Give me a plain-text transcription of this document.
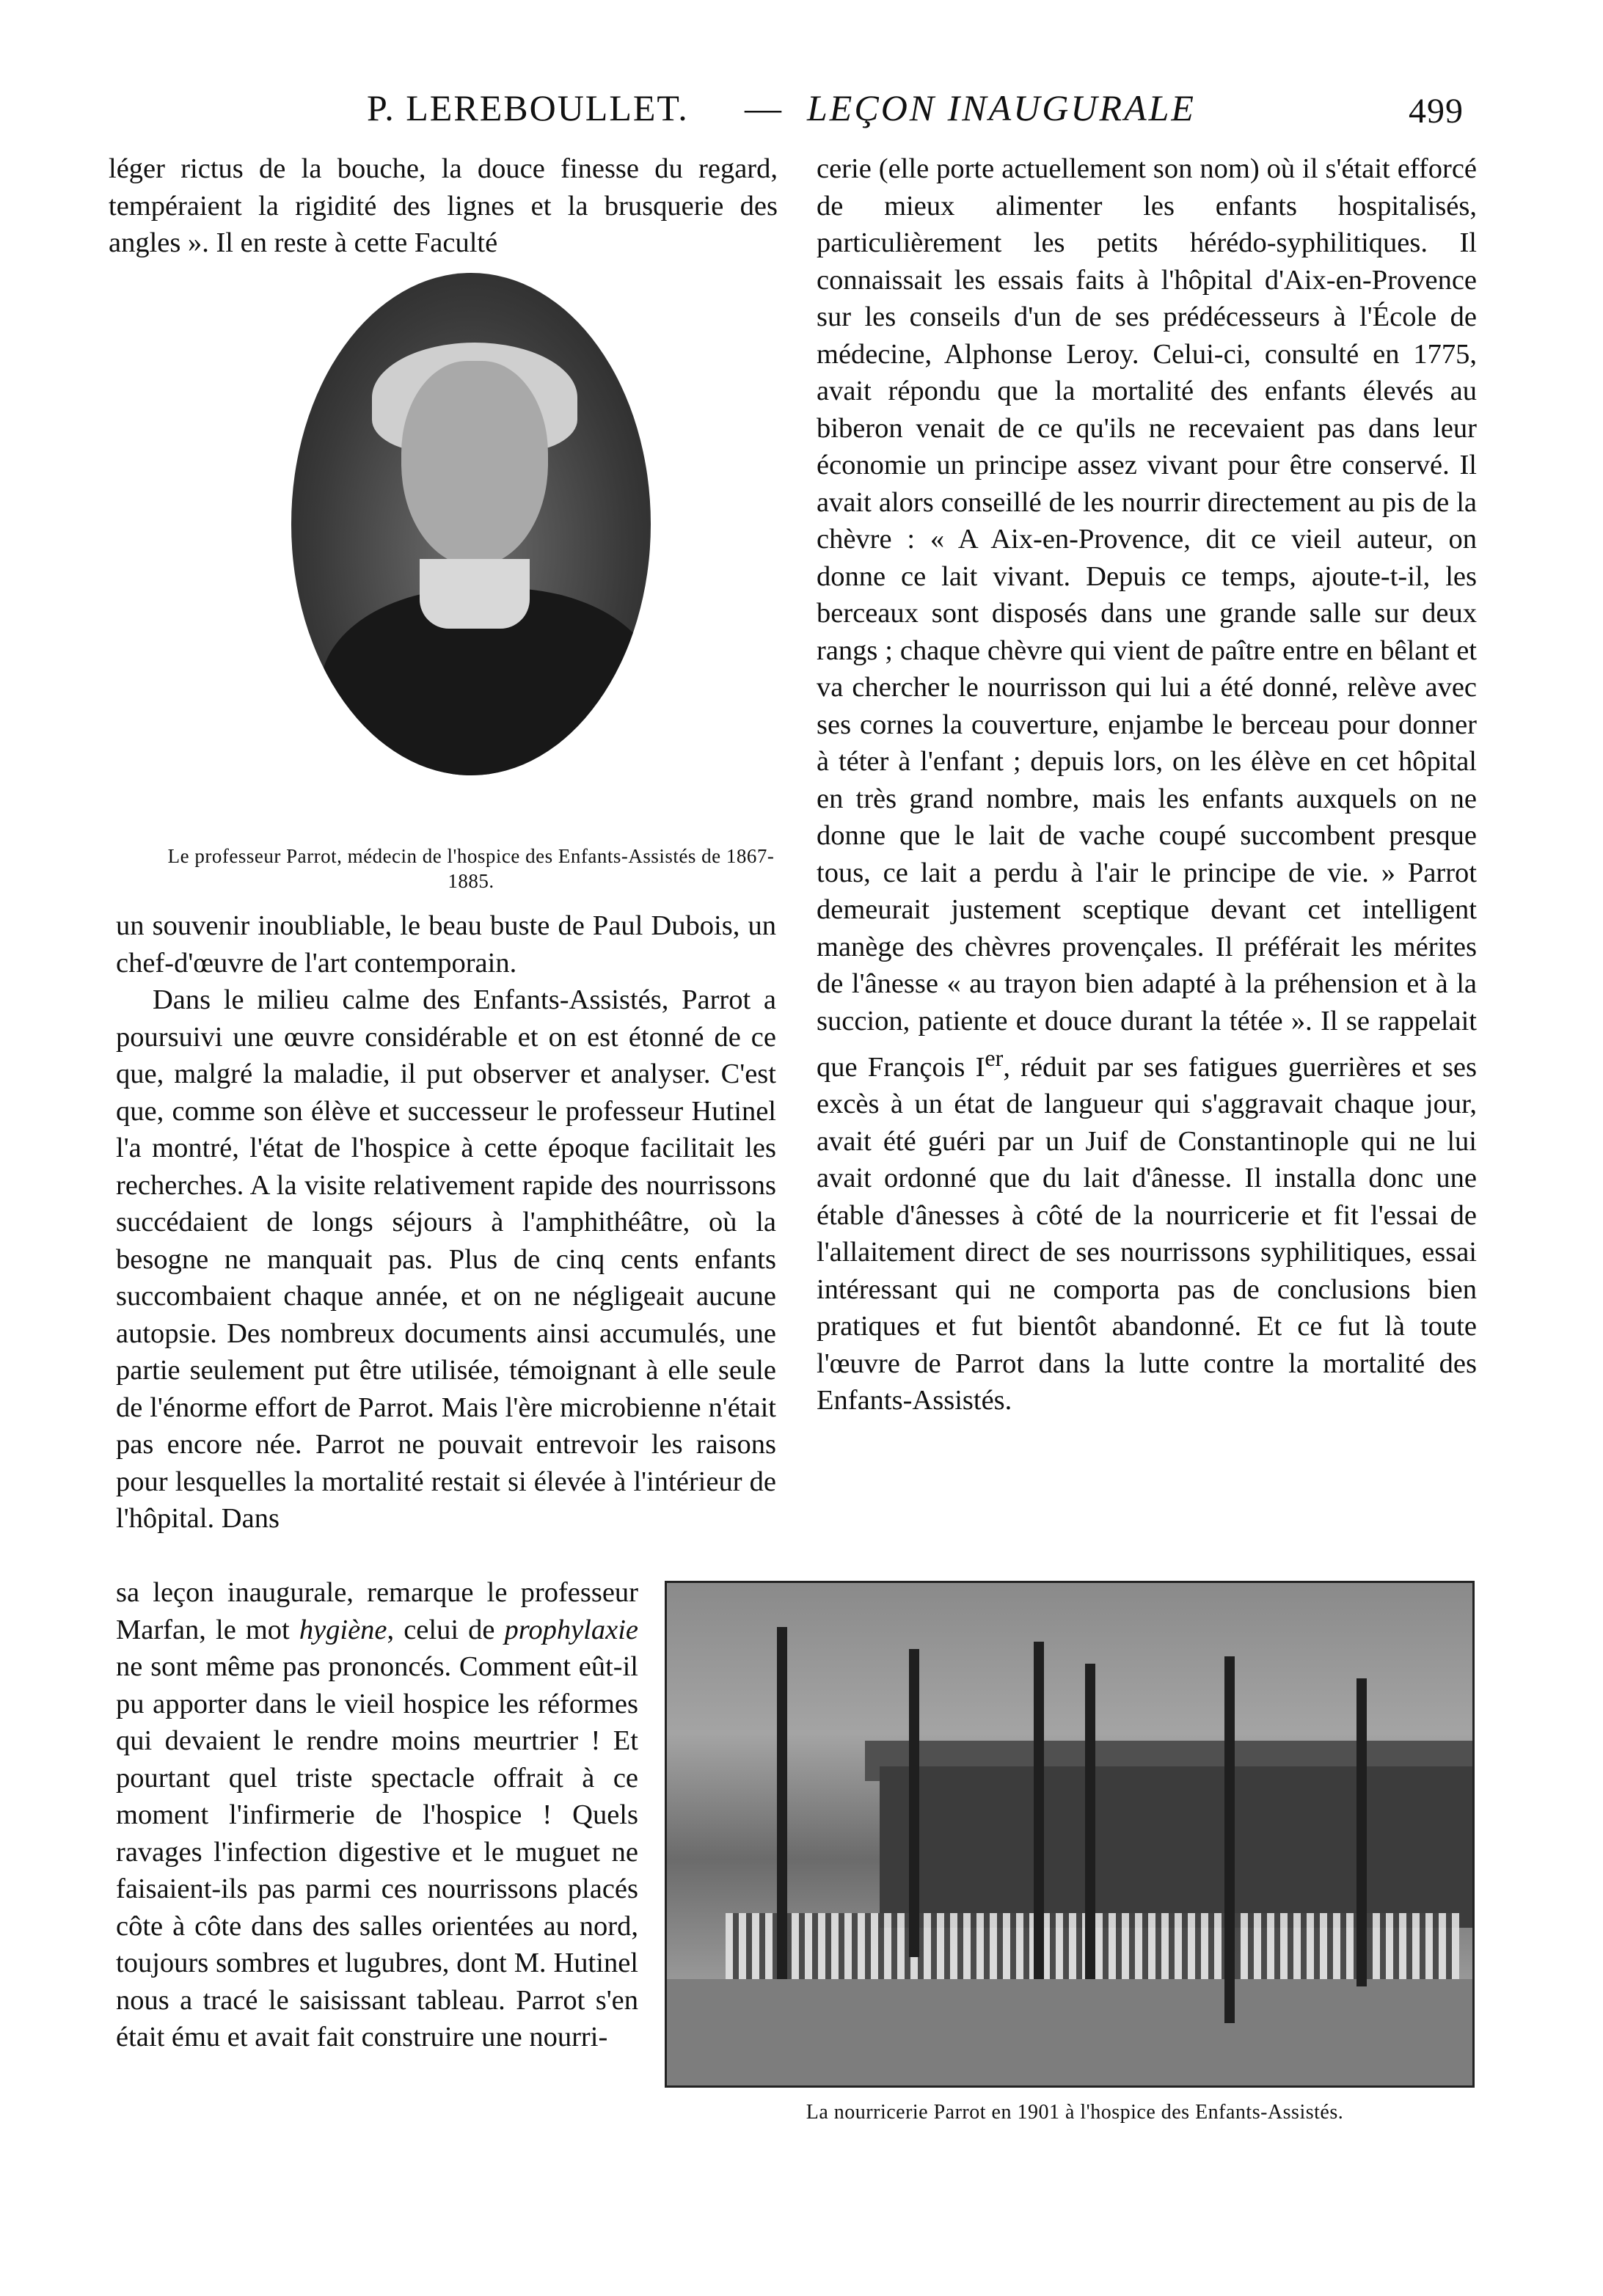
P. LEREBOULLET. — LEÇON INAUGURALE	499

léger rictus de la bouche, la douce finesse du regard, tempéraient la rigidité des lignes et la brusquerie des angles ». Il en reste à cette Faculté

Le professeur Parrot, médecin de l'hospice des Enfants-Assistés de 1867-1885.

un souvenir inoubliable, le beau buste de Paul Dubois, un chef-d'œuvre de l'art contemporain.

Dans le milieu calme des Enfants-Assistés, Parrot a poursuivi une œuvre considérable et on est étonné de ce que, malgré la maladie, il put observer et analyser. C'est que, comme son élève et successeur le professeur Hutinel l'a montré, l'état de l'hospice à cette époque facilitait les recherches. A la visite relativement rapide des nourrissons succédaient de longs séjours à l'amphithéâtre, où la besogne ne manquait pas. Plus de cinq cents enfants succombaient chaque année, et on ne négligeait aucune autopsie. Des nombreux documents ainsi accumulés, une partie seulement put être utilisée, témoignant à elle seule de l'énorme effort de Parrot. Mais l'ère microbienne n'était pas encore née. Parrot ne pouvait entrevoir les raisons pour lesquelles la mortalité restait si élevée à l'intérieur de l'hôpital. Dans

sa leçon inaugurale, remarque le professeur Marfan, le mot hygiène, celui de prophylaxie ne sont même pas prononcés. Comment eût-il pu apporter dans le vieil hospice les réformes qui devaient le rendre moins meurtrier ! Et pourtant quel triste spectacle offrait à ce moment l'infirmerie de l'hospice ! Quels ravages l'infection digestive et le muguet ne faisaient-ils pas parmi ces nourrissons placés côte à côte dans des salles orientées au nord, toujours sombres et lugubres, dont M. Hutinel nous a tracé le saisissant tableau. Parrot s'en était ému et avait fait construire une nourri-

cerie (elle porte actuellement son nom) où il s'était efforcé de mieux alimenter les enfants hospitalisés, particulièrement les petits hérédo-syphilitiques. Il connaissait les essais faits à l'hôpital d'Aix-en-Provence sur les conseils d'un de ses prédécesseurs à l'École de médecine, Alphonse Leroy. Celui-ci, consulté en 1775, avait répondu que la mortalité des enfants élevés au biberon venait de ce qu'ils ne recevaient pas dans leur économie un principe assez vivant pour être conservé. Il avait alors conseillé de les nourrir directement au pis de la chèvre : « A Aix-en-Provence, dit ce vieil auteur, on donne ce lait vivant. Depuis ce temps, ajoute-t-il, les berceaux sont disposés dans une grande salle sur deux rangs ; chaque chèvre qui vient de paître entre en bêlant et va chercher le nourrisson qui lui a été donné, relève avec ses cornes la couverture, enjambe le berceau pour donner à téter à l'enfant ; depuis lors, on les élève en cet hôpital en très grand nombre, mais les enfants auxquels on ne donne que le lait de vache coupé succombent presque tous, ce lait a perdu à l'air le principe de vie. » Parrot demeurait justement sceptique devant cet intelligent manège des chèvres provençales. Il préférait les mérites de l'ânesse « au trayon bien adapté à la préhension et à la succion, patiente et douce durant la tétée ». Il se rappelait que François Ier, réduit par ses fatigues guerrières et ses excès à un état de langueur qui s'aggravait chaque jour, avait été guéri par un Juif de Constantinople qui ne lui avait ordonné que du lait d'ânesse. Il installa donc une étable d'ânesses à côté de la nourricerie et fit l'essai de l'allaitement direct de ses nourrissons syphilitiques, essai intéressant qui ne comporta pas de conclusions bien pratiques et fut bientôt abandonné. Et ce fut là toute l'œuvre de Parrot dans la lutte contre la mortalité des Enfants-Assistés.

La nourricerie Parrot en 1901 à l'hospice des Enfants-Assistés.
